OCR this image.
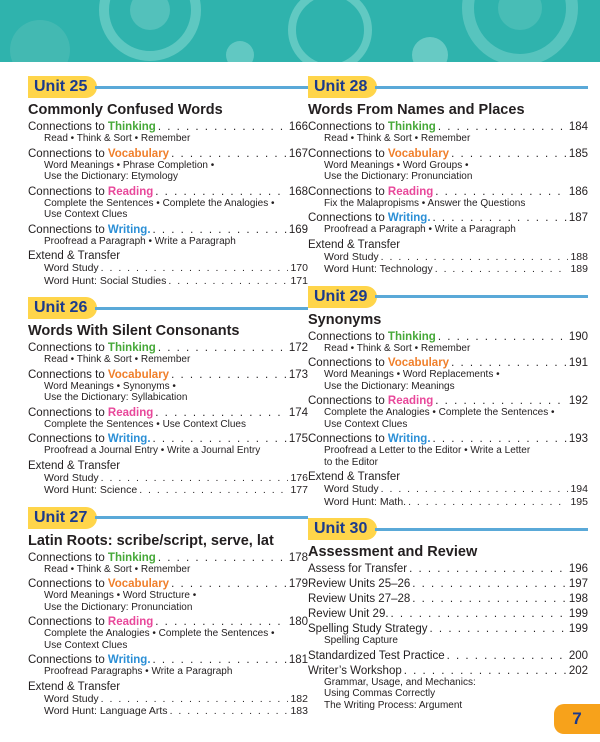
Unit 25
Commonly Confused Words
Connections to Thinking . . .	166
Read • Think & Sort • Remember
Connections to Vocabulary . . .	167
Word Meanings • Phrase Completion •
Use the Dictionary: Etymology
Connections to Reading . . .	168
Complete the Sentences • Complete the Analogies •
Use Context Clues
Connections to Writing. . . .	169
Proofread a Paragraph • Write a Paragraph
Extend & Transfer
Word Study . . .	170
Word Hunt: Social Studies . . .	171
Unit 26
Words With Silent Consonants
Connections to Thinking . . .	172
Read • Think & Sort • Remember
Connections to Vocabulary . . .	173
Word Meanings • Synonyms •
Use the Dictionary: Syllabication
Connections to Reading . . .	174
Complete the Sentences • Use Context Clues
Connections to Writing. . . .	175
Proofread a Journal Entry • Write a Journal Entry
Extend & Transfer
Word Study . . .	176
Word Hunt: Science . . .	177
Unit 27
Latin Roots: scribe/script, serve, lat
Connections to Thinking . . .	178
Read • Think & Sort • Remember
Connections to Vocabulary . . .	179
Word Meanings • Word Structure •
Use the Dictionary: Pronunciation
Connections to Reading . . .	180
Complete the Analogies • Complete the Sentences •
Use Context Clues
Connections to Writing. . . .	181
Proofread Paragraphs • Write a Paragraph
Extend & Transfer
Word Study . . .	182
Word Hunt: Language Arts . . .	183
Unit 28
Words From Names and Places
Connections to Thinking . . .	184
Read • Think & Sort • Remember
Connections to Vocabulary . . .	185
Word Meanings • Word Groups •
Use the Dictionary: Pronunciation
Connections to Reading . . .	186
Fix the Malapropisms • Answer the Questions
Connections to Writing. . . .	187
Proofread a Paragraph • Write a Paragraph
Extend & Transfer
Word Study . . .	188
Word Hunt: Technology . . .	189
Unit 29
Synonyms
Connections to Thinking . . .	190
Read • Think & Sort • Remember
Connections to Vocabulary . . .	191
Word Meanings • Word Replacements •
Use the Dictionary: Meanings
Connections to Reading . . .	192
Complete the Analogies • Complete the Sentences •
Use Context Clues
Connections to Writing. . . .	193
Proofread a Letter to the Editor • Write a Letter
to the Editor
Extend & Transfer
Word Study . . .	194
Word Hunt: Math. . . .	195
Unit 30
Assessment and Review
Assess for Transfer . . .	196
Review Units 25–26 . . .	197
Review Units 27–28 . . .	198
Review Unit 29. . . .	199
Spelling Study Strategy . . .	199
Spelling Capture
Standardized Test Practice . . .	200
Writer’s Workshop . . .	202
Grammar, Usage, and Mechanics:
Using Commas Correctly
The Writing Process: Argument
7
